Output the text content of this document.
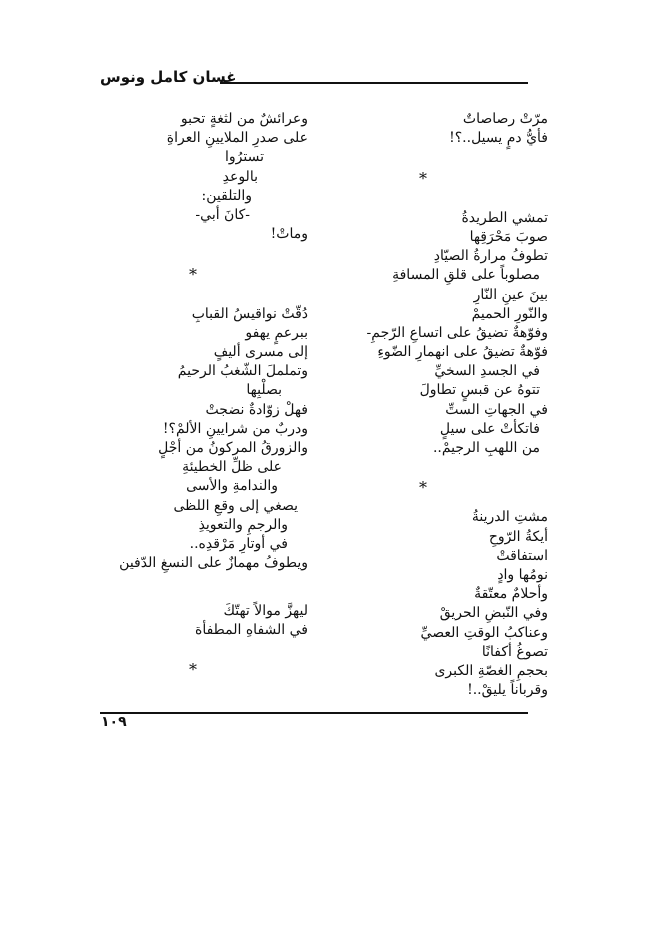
غسان كامل ونوس
مرّتْ رصاصاتٌ
فأيُّ دمٍ يسيل..؟!
*
تمشي الطريدةُ
صوبَ مَحْرَقِها
تطوفُ مرارةُ الصيّادِ
مصلوباً على قلقِ المسافةِ
بينَ عينِ النّارِ
والنّورِ الحميمْ
وفوّهةٌ تضيقُ على اتساعِ الرّجمِ-
فوّهةٌ تضيقُ على انهمارِ الضّوءِ
في الجسدِ السخيِّ
تتوهُ عن قبسٍ تطاولَ
في الجهاتِ الستِّ
فاتكأتْ على سيلٍ
من اللهبِ الرجيمْ..
*
مشتِ الدرينةُ
أيكةُ الرّوحِ
استفاقتْ
نومُها وادٍ
وأحلامٌ معتّقةٌ
وفي النّبضِ الحريقْ
وعناكبُ الوقتِ العصيِّ
تصوغُ أكفانًا
بحجمِ الغصّةِ الكبرى
وقرباناً يليقْ..!
وعرائشٌ من لثغةٍ تحبو
على صدرِ الملايينِ العراةِ
تسترُوا
بالوعدِ
والتلقين:
-كانَ أبي-
وماتْ!
*
دُقّتْ نواقيسُ القبابِ
ببرعمٍ يهفو
إلى مسرى أليفٍ
وتململَ الشّغبُ الرحيمُ
بصلْبِها
فهلْ زوّادةٌ نضجتْ
ودربٌ من شرايينِ الألمْ؟!
والزورقُ المركونُ من أجْلٍ
على ظلِّ الخطيئةِ
والندامةِ والأسى
يصغي إلى وقعِ اللظى
والرجمِ والتعويذِ
في أوتارِ مَرْقدِه..
ويطوفُ مهمازٌ على النسغِ الدّفين
ليهزَّ موالاً تهتّكَ
في الشفاهِ المطفأة
*
١٠٩
